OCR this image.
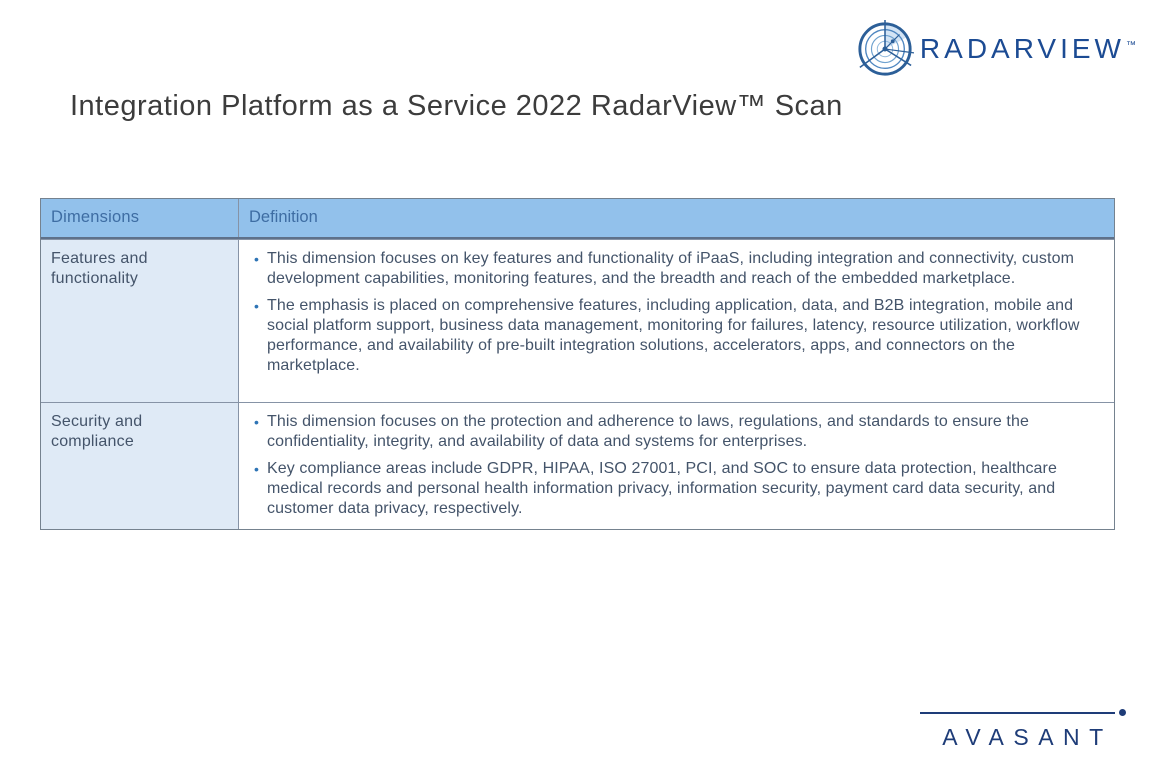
RADARVIEW™
Integration Platform as a Service 2022 RadarView™ Scan
Dimensions	Definition
Features and functionality
• This dimension focuses on key features and functionality of iPaaS, including integration and connectivity, custom development capabilities, monitoring features, and the breadth and reach of the embedded marketplace.
• The emphasis is placed on comprehensive features, including application, data, and B2B integration, mobile and social platform support, business data management, monitoring for failures, latency, resource utilization, workflow performance, and availability of pre-built integration solutions, accelerators, apps, and connectors on the marketplace.
Security and compliance
• This dimension focuses on the protection and adherence to laws, regulations, and standards to ensure the confidentiality, integrity, and availability of data and systems for enterprises.
• Key compliance areas include GDPR, HIPAA, ISO 27001, PCI, and SOC to ensure data protection, healthcare medical records and personal health information privacy, information security, payment card data security, and customer data privacy, respectively.
AVASANT
